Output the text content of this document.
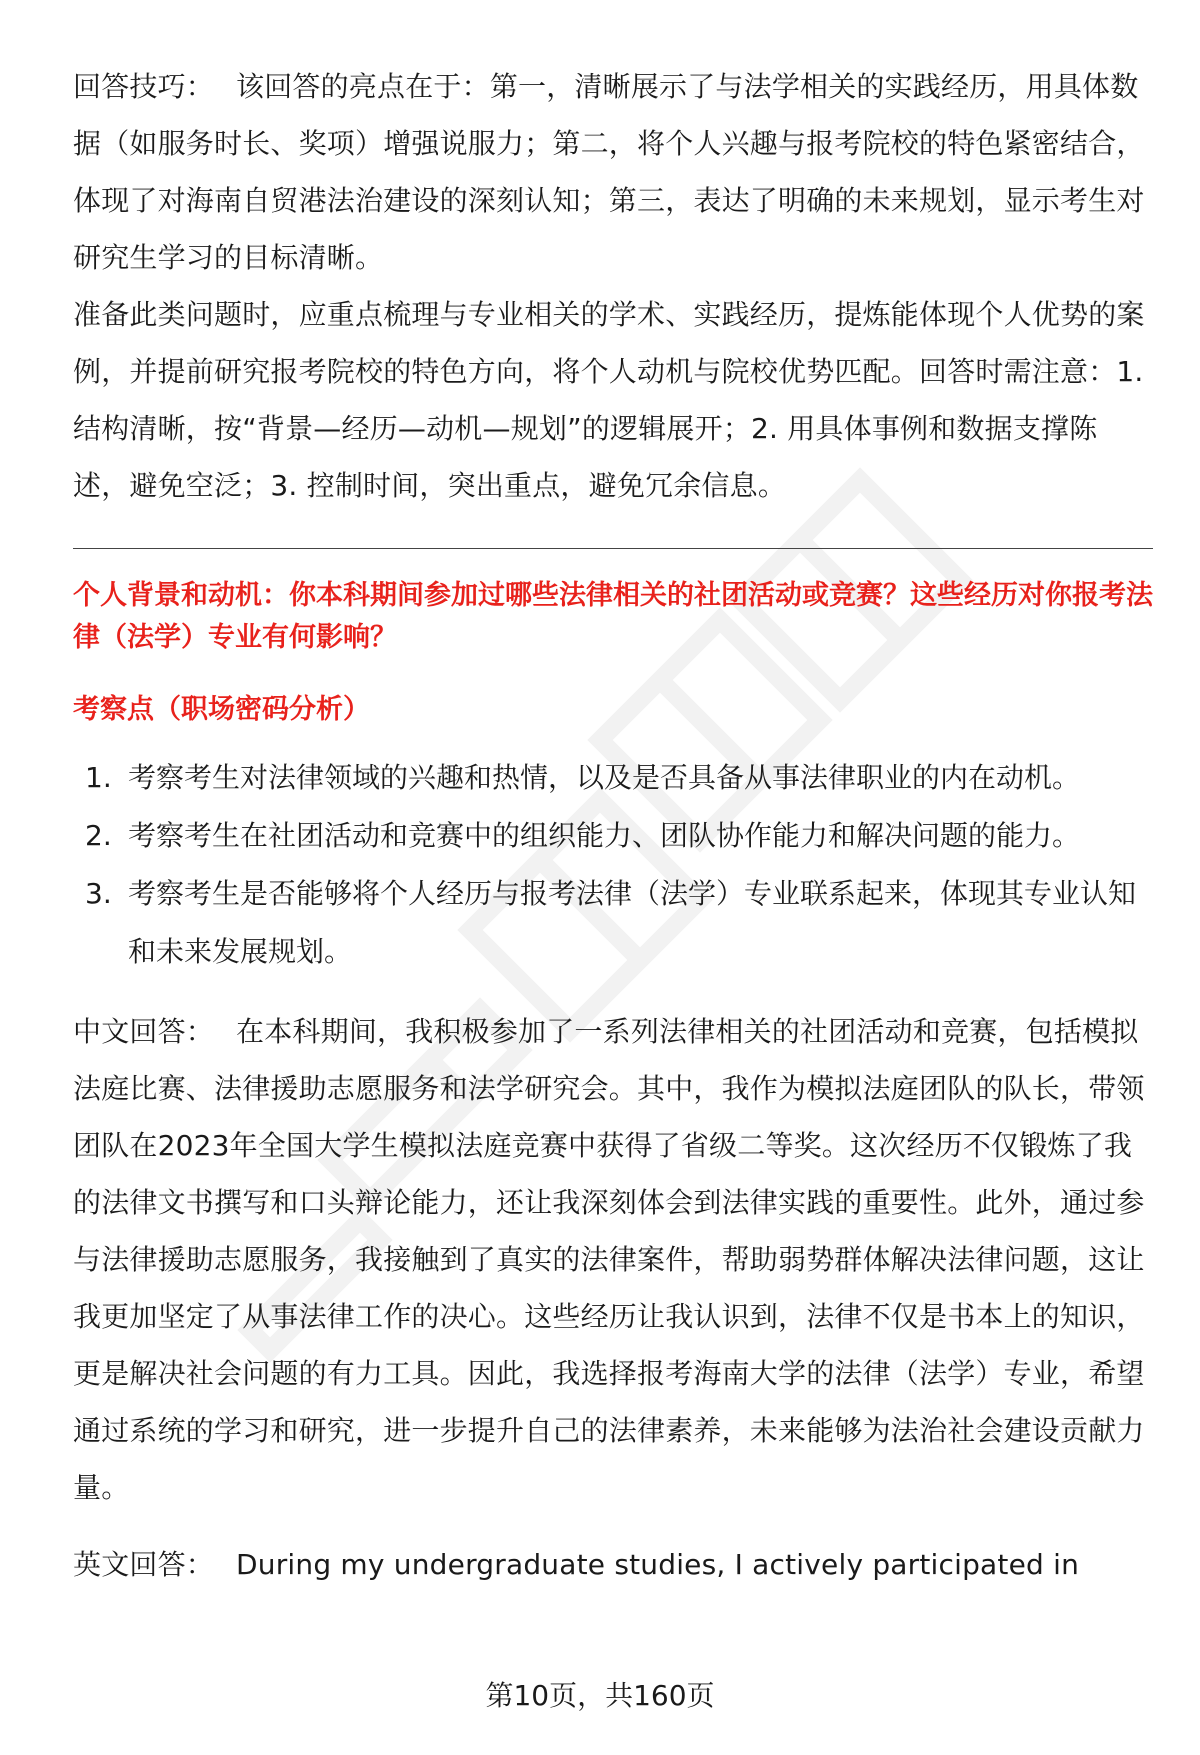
回答技巧： 该回答的亮点在于：第一，清晰展示了与法学相关的实践经历，用具体数据（如服务时长、奖项）增强说服力；第二，将个人兴趣与报考院校的特色紧密结合，体现了对海南自贸港法治建设的深刻认知；第三，表达了明确的未来规划，显示考生对研究生学习的目标清晰。

准备此类问题时，应重点梳理与专业相关的学术、实践经历，提炼能体现个人优势的案例，并提前研究报考院校的特色方向，将个人动机与院校优势匹配。回答时需注意：1. 结构清晰，按“背景—经历—动机—规划”的逻辑展开；2. 用具体事例和数据支撑陈述，避免空泛；3. 控制时间，突出重点，避免冗余信息。

个人背景和动机：你本科期间参加过哪些法律相关的社团活动或竞赛？这些经历对你报考法律（法学）专业有何影响？

考察点（职场密码分析）

1. 考察考生对法律领域的兴趣和热情，以及是否具备从事法律职业的内在动机。
2. 考察考生在社团活动和竞赛中的组织能力、团队协作能力和解决问题的能力。
3. 考察考生是否能够将个人经历与报考法律（法学）专业联系起来，体现其专业认知和未来发展规划。

中文回答： 在本科期间，我积极参加了一系列法律相关的社团活动和竞赛，包括模拟法庭比赛、法律援助志愿服务和法学研究会。其中，我作为模拟法庭团队的队长，带领团队在2023年全国大学生模拟法庭竞赛中获得了省级二等奖。这次经历不仅锻炼了我的法律文书撰写和口头辩论能力，还让我深刻体会到法律实践的重要性。此外，通过参与法律援助志愿服务，我接触到了真实的法律案件，帮助弱势群体解决法律问题，这让我更加坚定了从事法律工作的决心。这些经历让我认识到，法律不仅是书本上的知识，更是解决社会问题的有力工具。因此，我选择报考海南大学的法律（法学）专业，希望通过系统的学习和研究，进一步提升自己的法律素养，未来能够为法治社会建设贡献力量。

英文回答： During my undergraduate studies, I actively participated in

第10页，共160页
